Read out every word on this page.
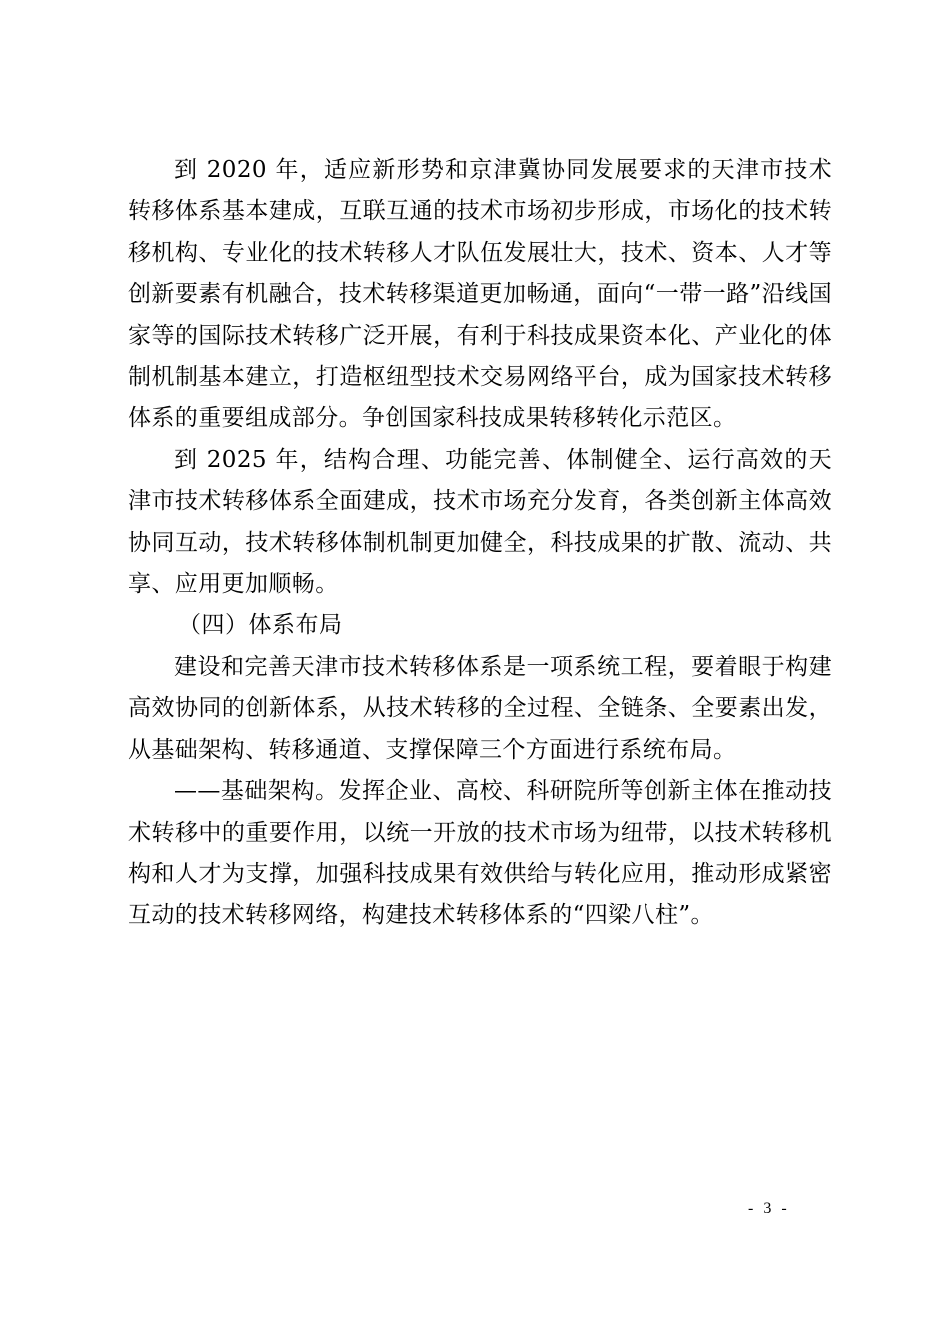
到 2020 年，适应新形势和京津冀协同发展要求的天津市技术转移体系基本建成，互联互通的技术市场初步形成，市场化的技术转移机构、专业化的技术转移人才队伍发展壮大，技术、资本、人才等创新要素有机融合，技术转移渠道更加畅通，面向“一带一路”沿线国家等的国际技术转移广泛开展，有利于科技成果资本化、产业化的体制机制基本建立，打造枢纽型技术交易网络平台，成为国家技术转移体系的重要组成部分。争创国家科技成果转移转化示范区。

到 2025 年，结构合理、功能完善、体制健全、运行高效的天津市技术转移体系全面建成，技术市场充分发育，各类创新主体高效协同互动，技术转移体制机制更加健全，科技成果的扩散、流动、共享、应用更加顺畅。

（四）体系布局

建设和完善天津市技术转移体系是一项系统工程，要着眼于构建高效协同的创新体系，从技术转移的全过程、全链条、全要素出发，从基础架构、转移通道、支撑保障三个方面进行系统布局。

——基础架构。发挥企业、高校、科研院所等创新主体在推动技术转移中的重要作用，以统一开放的技术市场为纽带，以技术转移机构和人才为支撑，加强科技成果有效供给与转化应用，推动形成紧密互动的技术转移网络，构建技术转移体系的“四梁八柱”。

- 3 -
